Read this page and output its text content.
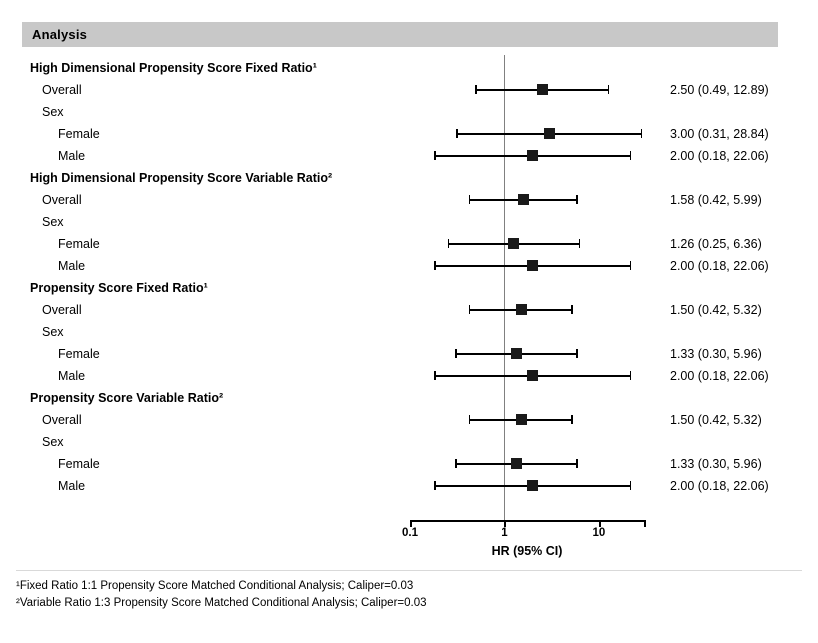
Analysis
High Dimensional Propensity Score Fixed Ratio¹
Overall	2.50 (0.49, 12.89)
Sex
Female	3.00 (0.31, 28.84)
Male	2.00 (0.18, 22.06)
High Dimensional Propensity Score Variable Ratio²
Overall	1.58 (0.42, 5.99)
Sex
Female	1.26 (0.25, 6.36)
Male	2.00 (0.18, 22.06)
Propensity Score Fixed Ratio¹
Overall	1.50 (0.42, 5.32)
Sex
Female	1.33 (0.30, 5.96)
Male	2.00 (0.18, 22.06)
Propensity Score Variable Ratio²
Overall	1.50 (0.42, 5.32)
Sex
Female	1.33 (0.30, 5.96)
Male	2.00 (0.18, 22.06)
0.1	1	10
HR (95% CI)
¹Fixed Ratio 1:1 Propensity Score Matched Conditional Analysis; Caliper=0.03
²Variable Ratio 1:3 Propensity Score Matched Conditional Analysis; Caliper=0.03
